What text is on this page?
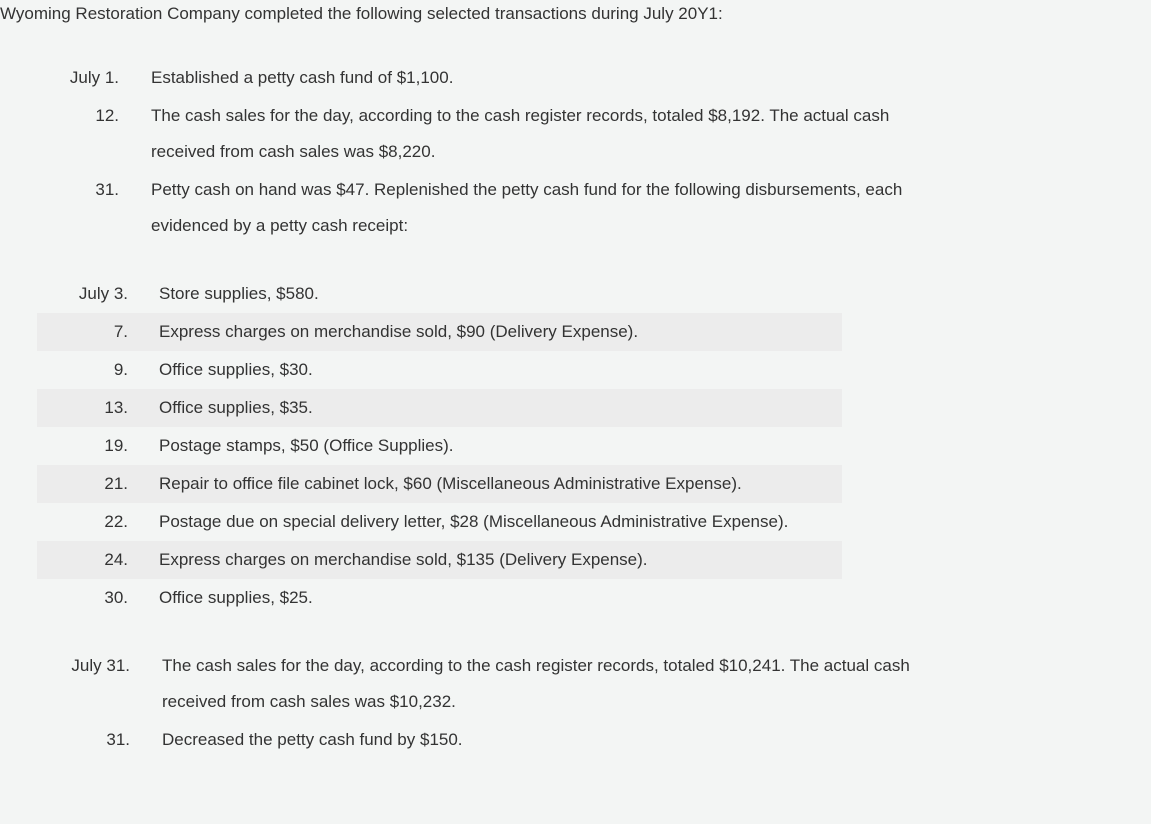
Wyoming Restoration Company completed the following selected transactions during July 20Y1:
July 1. Established a petty cash fund of $1,100.
12. The cash sales for the day, according to the cash register records, totaled $8,192. The actual cash
received from cash sales was $8,220.
31. Petty cash on hand was $47. Replenished the petty cash fund for the following disbursements, each
evidenced by a petty cash receipt:
July 3. Store supplies, $580.
7. Express charges on merchandise sold, $90 (Delivery Expense).
9. Office supplies, $30.
13. Office supplies, $35.
19. Postage stamps, $50 (Office Supplies).
21. Repair to office file cabinet lock, $60 (Miscellaneous Administrative Expense).
22. Postage due on special delivery letter, $28 (Miscellaneous Administrative Expense).
24. Express charges on merchandise sold, $135 (Delivery Expense).
30. Office supplies, $25.
July 31. The cash sales for the day, according to the cash register records, totaled $10,241. The actual cash
received from cash sales was $10,232.
31. Decreased the petty cash fund by $150.
